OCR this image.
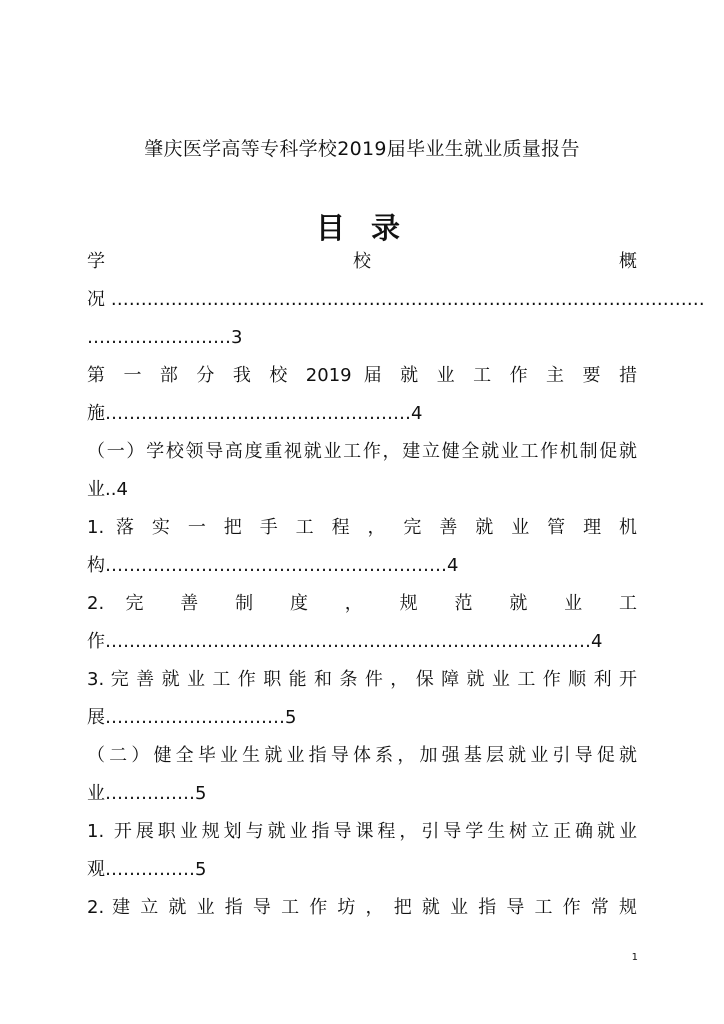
肇庆医学高等专科学校2019届毕业生就业质量报告
目 录
学 校 概
况 ………………………………………………………………………………………
……………………3
第 一 部 分 我 校 2019 届 就 业 工 作 主 要 措
施……………………………………………4
（一）学校领导高度重视就业工作，建立健全就业工作机制促就
业..4
1. 落 实 一 把 手 工 程 ， 完 善 就 业 管 理 机
构…………………………………………………4
2. 完 善 制 度 ， 规 范 就 业 工
作………………………………………………………………………4
3. 完 善 就 业 工 作 职 能 和 条 件 ， 保 障 就 业 工 作 顺 利 开
展…………………………5
（二）健全毕业生就业指导体系，加强基层就业引导促就
业……………5
1. 开展职业规划与就业指导课程，引导学生树立正确就业
观……………5
2. 建 立 就 业 指 导 工 作 坊 ， 把 就 业 指 导 工 作 常 规
1
